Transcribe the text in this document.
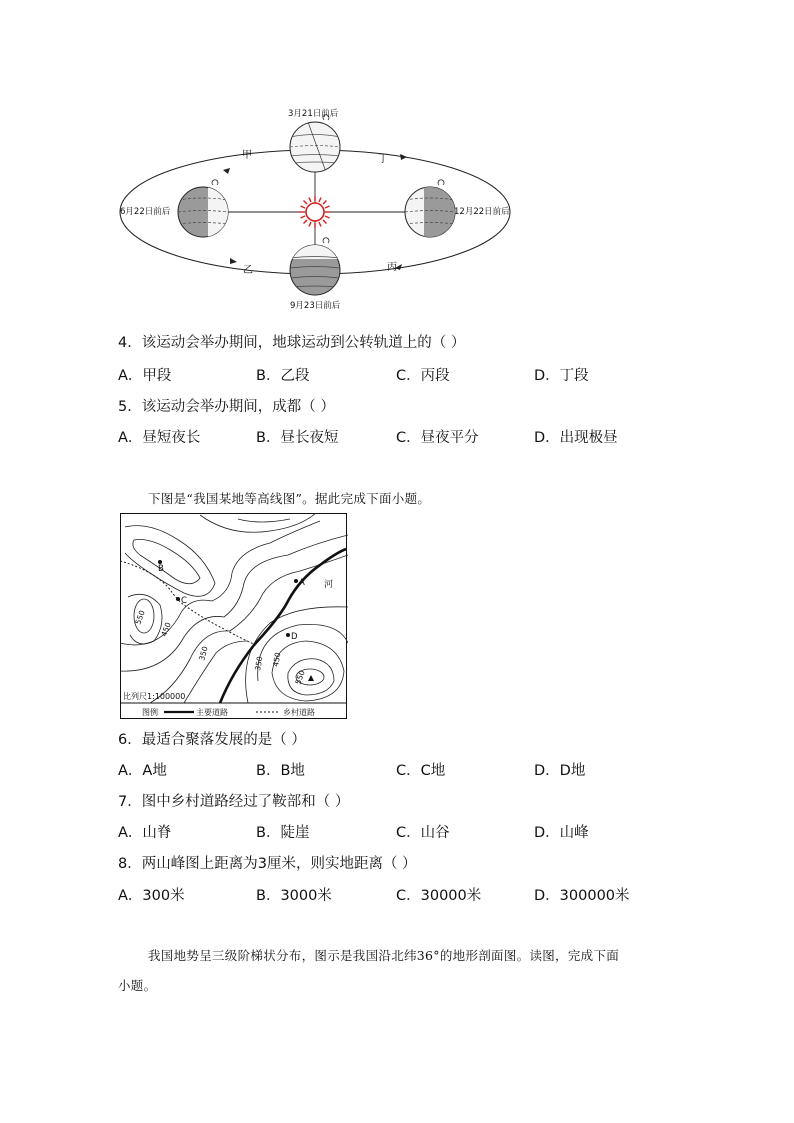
3月21日前后
6月22日前后	12月22日前后
9月23日前后
甲	丁
乙	丙
4．该运动会举办期间，地球运动到公转轨道上的（ ）
A．甲段	B．乙段	C．丙段	D．丁段
5．该运动会举办期间，成都（ ）
A．昼短夜长	B．昼长夜短	C．昼夜平分	D．出现极昼
下图是“我国某地等高线图”。据此完成下面小题。
A
B
C
D
河
550
450
350
350 450
550
比列尺1:100000
图例	主要道路	乡村道路
6．最适合聚落发展的是（ ）
A．A地	B．B地	C．C地	D．D地
7．图中乡村道路经过了鞍部和（ ）
A．山脊	B．陡崖	C．山谷	D．山峰
8．两山峰图上距离为3厘米，则实地距离（ ）
A．300米	B．3000米	C．30000米	D．300000米
我国地势呈三级阶梯状分布，图示是我国沿北纬36°的地形剖面图。读图，完成下面
小题。
